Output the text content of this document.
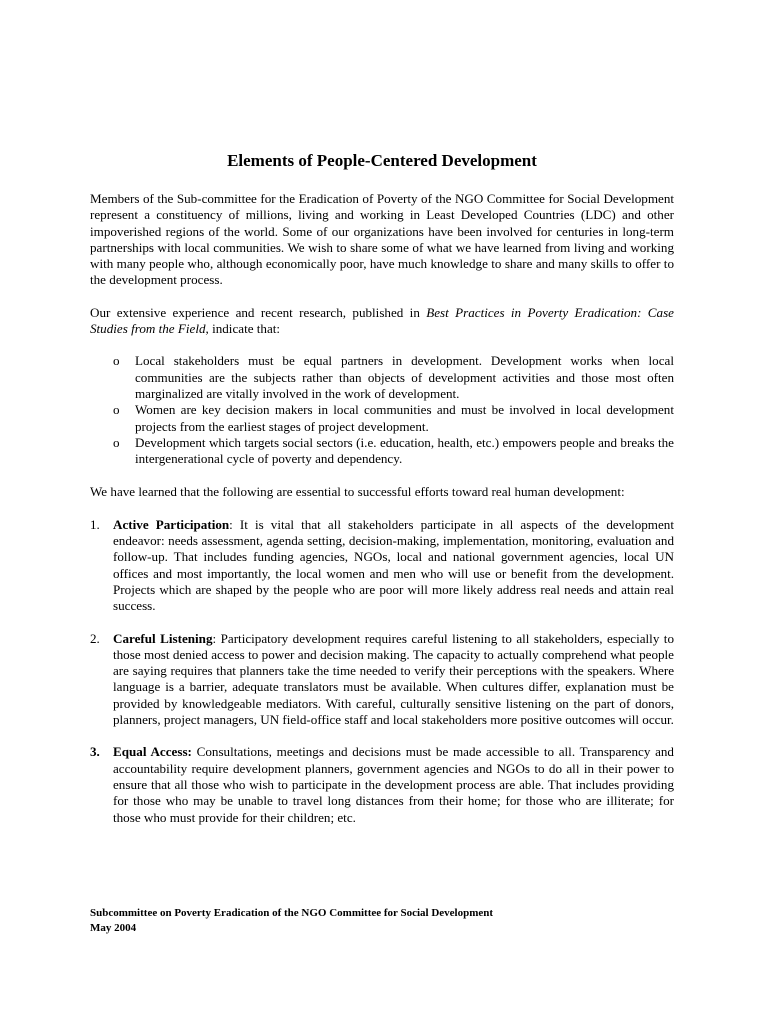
Elements of People-Centered Development

Members of the Sub-committee for the Eradication of Poverty of the NGO Committee for Social Development represent a constituency of millions, living and working in Least Developed Countries (LDC) and other impoverished regions of the world. Some of our organizations have been involved for centuries in long-term partnerships with local communities. We wish to share some of what we have learned from living and working with many people who, although economically poor, have much knowledge to share and many skills to offer to the development process.

Our extensive experience and recent research, published in Best Practices in Poverty Eradication: Case Studies from the Field, indicate that:

o Local stakeholders must be equal partners in development. Development works when local communities are the subjects rather than objects of development activities and those most often marginalized are vitally involved in the work of development.
o Women are key decision makers in local communities and must be involved in local development projects from the earliest stages of project development.
o Development which targets social sectors (i.e. education, health, etc.) empowers people and breaks the intergenerational cycle of poverty and dependency.

We have learned that the following are essential to successful efforts toward real human development:

1. Active Participation: It is vital that all stakeholders participate in all aspects of the development endeavor: needs assessment, agenda setting, decision-making, implementation, monitoring, evaluation and follow-up. That includes funding agencies, NGOs, local and national government agencies, local UN offices and most importantly, the local women and men who will use or benefit from the development. Projects which are shaped by the people who are poor will more likely address real needs and attain real success.
2. Careful Listening: Participatory development requires careful listening to all stakeholders, especially to those most denied access to power and decision making. The capacity to actually comprehend what people are saying requires that planners take the time needed to verify their perceptions with the speakers. Where language is a barrier, adequate translators must be available. When cultures differ, explanation must be provided by knowledgeable mediators. With careful, culturally sensitive listening on the part of donors, planners, project managers, UN field-office staff and local stakeholders more positive outcomes will occur.
3. Equal Access: Consultations, meetings and decisions must be made accessible to all. Transparency and accountability require development planners, government agencies and NGOs to do all in their power to ensure that all those who wish to participate in the development process are able. That includes providing for those who may be unable to travel long distances from their home; for those who are illiterate; for those who must provide for their children; etc.
Subcommittee on Poverty Eradication of the NGO Committee for Social Development
May 2004
